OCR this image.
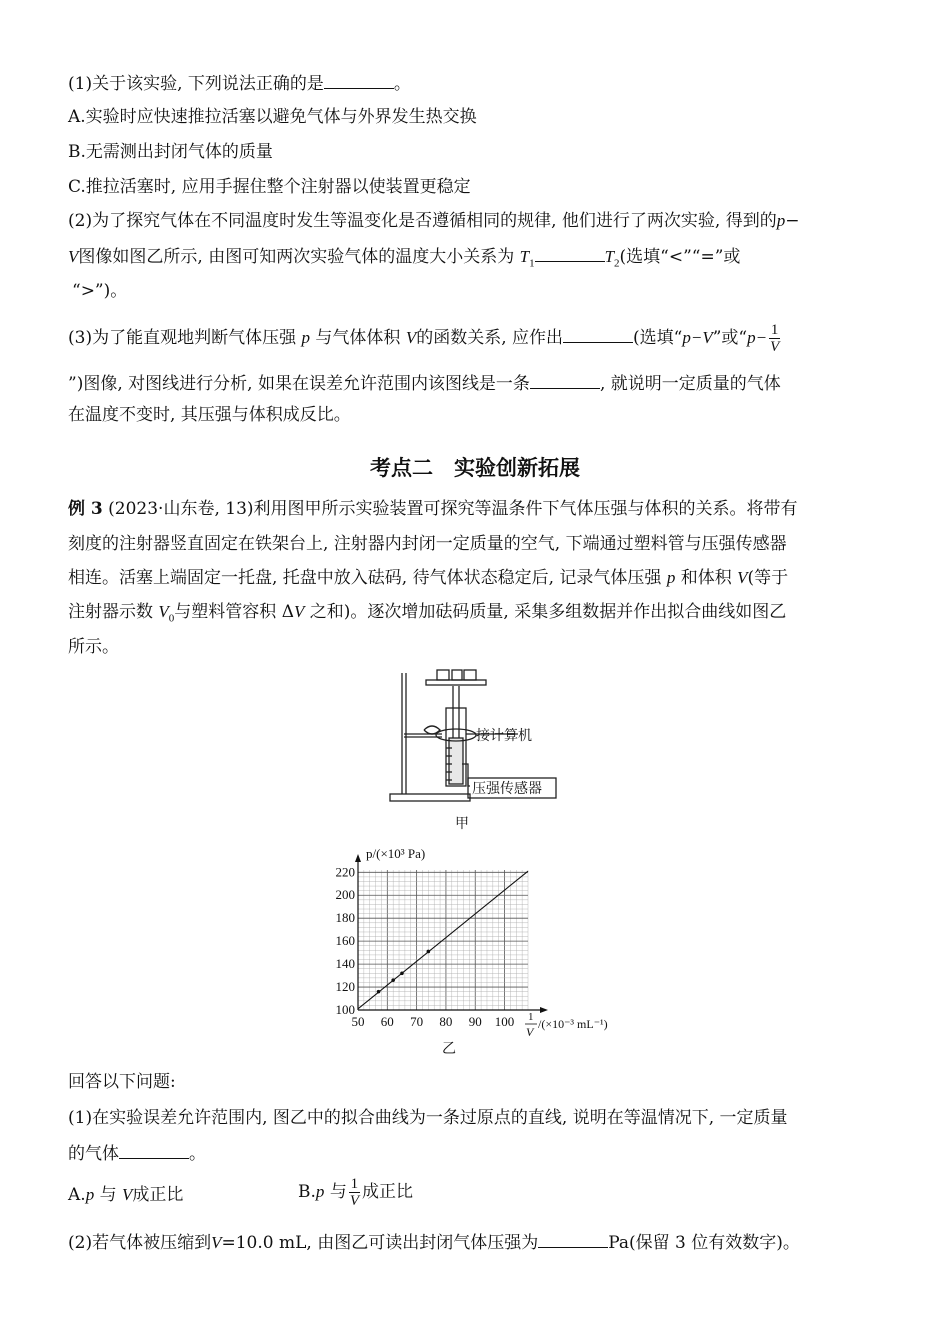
(1)关于该实验, 下列说法正确的是	。
A.实验时应快速推拉活塞以避免气体与外界发生热交换
B.无需测出封闭气体的质量
C.推拉活塞时, 应用手握住整个注射器以使装置更稳定
(2)为了探究气体在不同温度时发生等温变化是否遵循相同的规律, 他们进行了两次实验, 得到的p−
V图像如图乙所示, 由图可知两次实验气体的温度大小关系为 $T_1$	$T_2$(选填“<”“=”或
“>”)。
(3)为了能直观地判断气体压强 p 与气体体积 V的函数关系, 应作出	(选填“p−V”或“$p- \frac{1}{V}$
”)图像, 对图线进行分析, 如果在误差允许范围内该图线是一条	, 就说明一定质量的气体
在温度不变时, 其压强与体积成反比。
考点二　实验创新拓展
例 3 (2023·山东卷, 13)利用图甲所示实验装置可探究等温条件下气体压强与体积的关系。将带有
刻度的注射器竖直固定在铁架台上, 注射器内封闭一定质量的空气, 下端通过塑料管与压强传感器
相连。活塞上端固定一托盘, 托盘中放入砝码, 待气体状态稳定后, 记录气体压强 p 和体积 V(等于
注射器示数 $V_0$与塑料管容积 ΔV 之和)。逐次增加砝码质量, 采集多组数据并作出拟合曲线如图乙
所示。
接计算机
压强传感器
甲
50 60 70 80 90 100
100
120
140
160
180
200
220
p/(×10³ Pa)
1
V
/(×10⁻³ mL⁻¹)
乙
回答以下问题:
(1)在实验误差允许范围内, 图乙中的拟合曲线为一条过原点的直线, 说明在等温情况下, 一定质量
的气体	。
A.p 与 V成正比	B.p 与 $\frac{1}{V}$ 成正比
(2)若气体被压缩到V=10.0 mL, 由图乙可读出封闭气体压强为	Pa(保留 3 位有效数字)。
